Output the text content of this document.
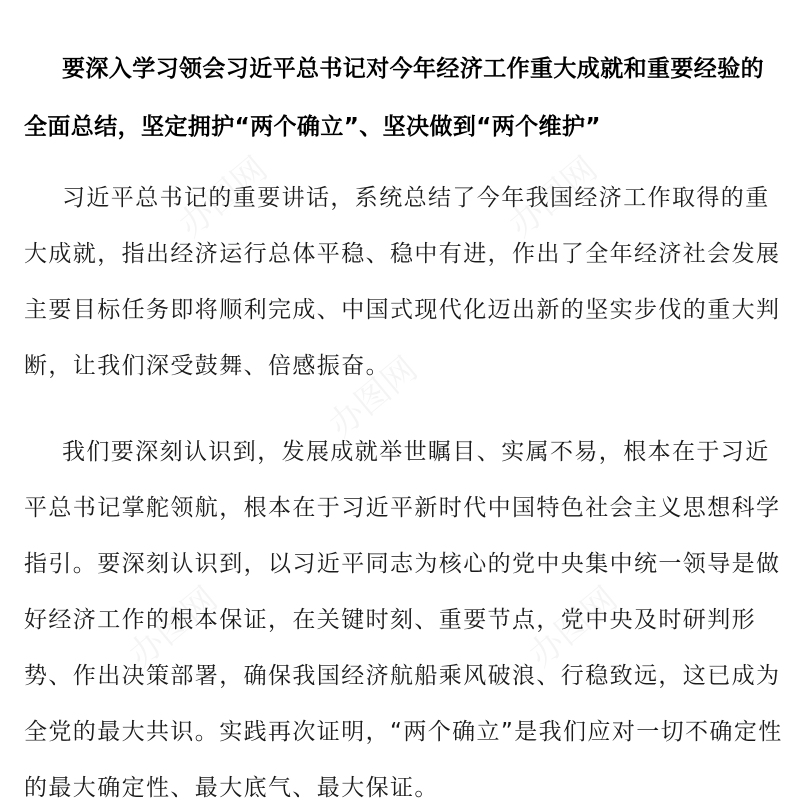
要深入学习领会习近平总书记对今年经济工作重大成就和重要经验的全面总结，坚定拥护“两个确立”、坚决做到“两个维护”

习近平总书记的重要讲话，系统总结了今年我国经济工作取得的重大成就，指出经济运行总体平稳、稳中有进，作出了全年经济社会发展主要目标任务即将顺利完成、中国式现代化迈出新的坚实步伐的重大判断，让我们深受鼓舞、倍感振奋。

我们要深刻认识到，发展成就举世瞩目、实属不易，根本在于习近平总书记掌舵领航，根本在于习近平新时代中国特色社会主义思想科学指引。要深刻认识到，以习近平同志为核心的党中央集中统一领导是做好经济工作的根本保证，在关键时刻、重要节点，党中央及时研判形势、作出决策部署，确保我国经济航船乘风破浪、行稳致远，这已成为全党的最大共识。实践再次证明，“两个确立”是我们应对一切不确定性的最大确定性、最大底气、最大保证。
